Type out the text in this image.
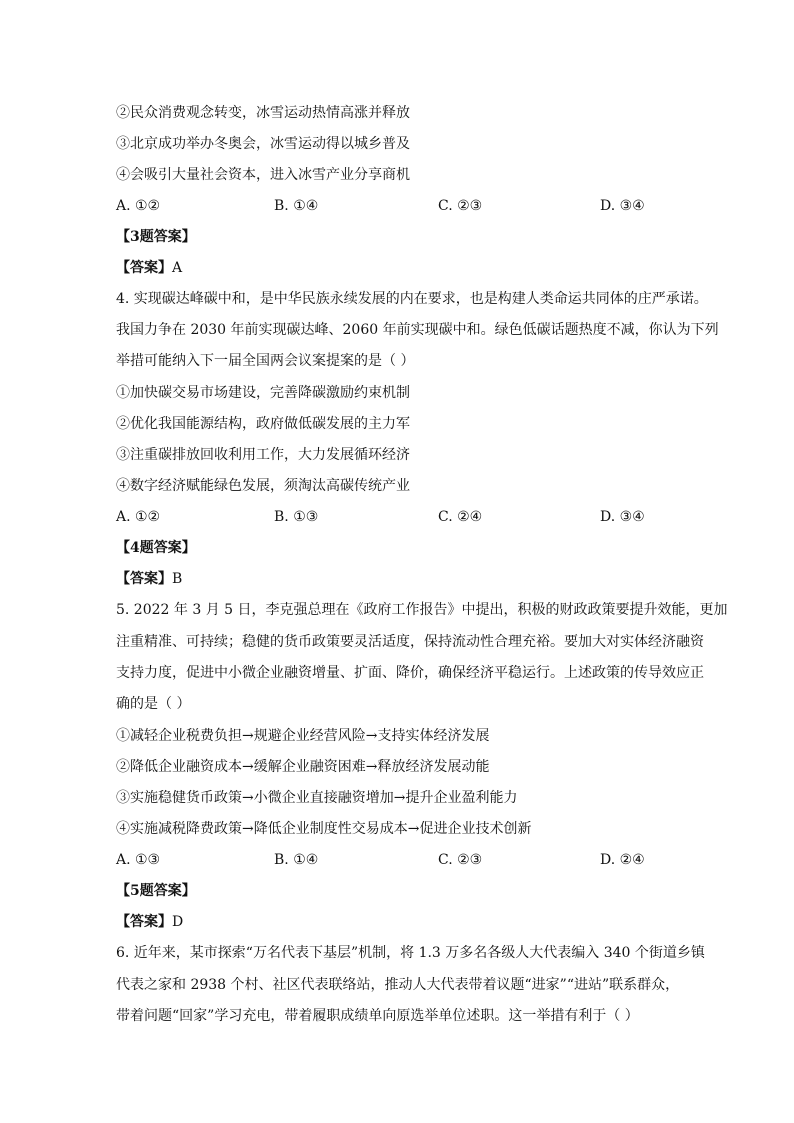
②民众消费观念转变，冰雪运动热情高涨并释放
③北京成功举办冬奥会，冰雪运动得以城乡普及
④会吸引大量社会资本，进入冰雪产业分享商机
A. ①②	B. ①④	C. ②③	D. ③④
【3题答案】
【答案】A
4. 实现碳达峰碳中和，是中华民族永续发展的内在要求，也是构建人类命运共同体的庄严承诺。
我国力争在 2030 年前实现碳达峰、2060 年前实现碳中和。绿色低碳话题热度不减，你认为下列
举措可能纳入下一届全国两会议案提案的是（ ）
①加快碳交易市场建设，完善降碳激励约束机制
②优化我国能源结构，政府做低碳发展的主力军
③注重碳排放回收利用工作，大力发展循环经济
④数字经济赋能绿色发展，须淘汰高碳传统产业
A. ①②	B. ①③	C. ②④	D. ③④
【4题答案】
【答案】B
5. 2022 年 3 月 5 日，李克强总理在《政府工作报告》中提出，积极的财政政策要提升效能，更加
注重精准、可持续；稳健的货币政策要灵活适度，保持流动性合理充裕。要加大对实体经济融资
支持力度，促进中小微企业融资增量、扩面、降价，确保经济平稳运行。上述政策的传导效应正
确的是（ ）
①减轻企业税费负担→规避企业经营风险→支持实体经济发展
②降低企业融资成本→缓解企业融资困难→释放经济发展动能
③实施稳健货币政策→小微企业直接融资增加→提升企业盈利能力
④实施减税降费政策→降低企业制度性交易成本→促进企业技术创新
A. ①③	B. ①④	C. ②③	D. ②④
【5题答案】
【答案】D
6. 近年来，某市探索“万名代表下基层”机制，将 1.3 万多名各级人大代表编入 340 个街道乡镇
代表之家和 2938 个村、社区代表联络站，推动人大代表带着议题“进家”“进站”联系群众，
带着问题“回家”学习充电，带着履职成绩单向原选举单位述职。这一举措有利于（ ）
